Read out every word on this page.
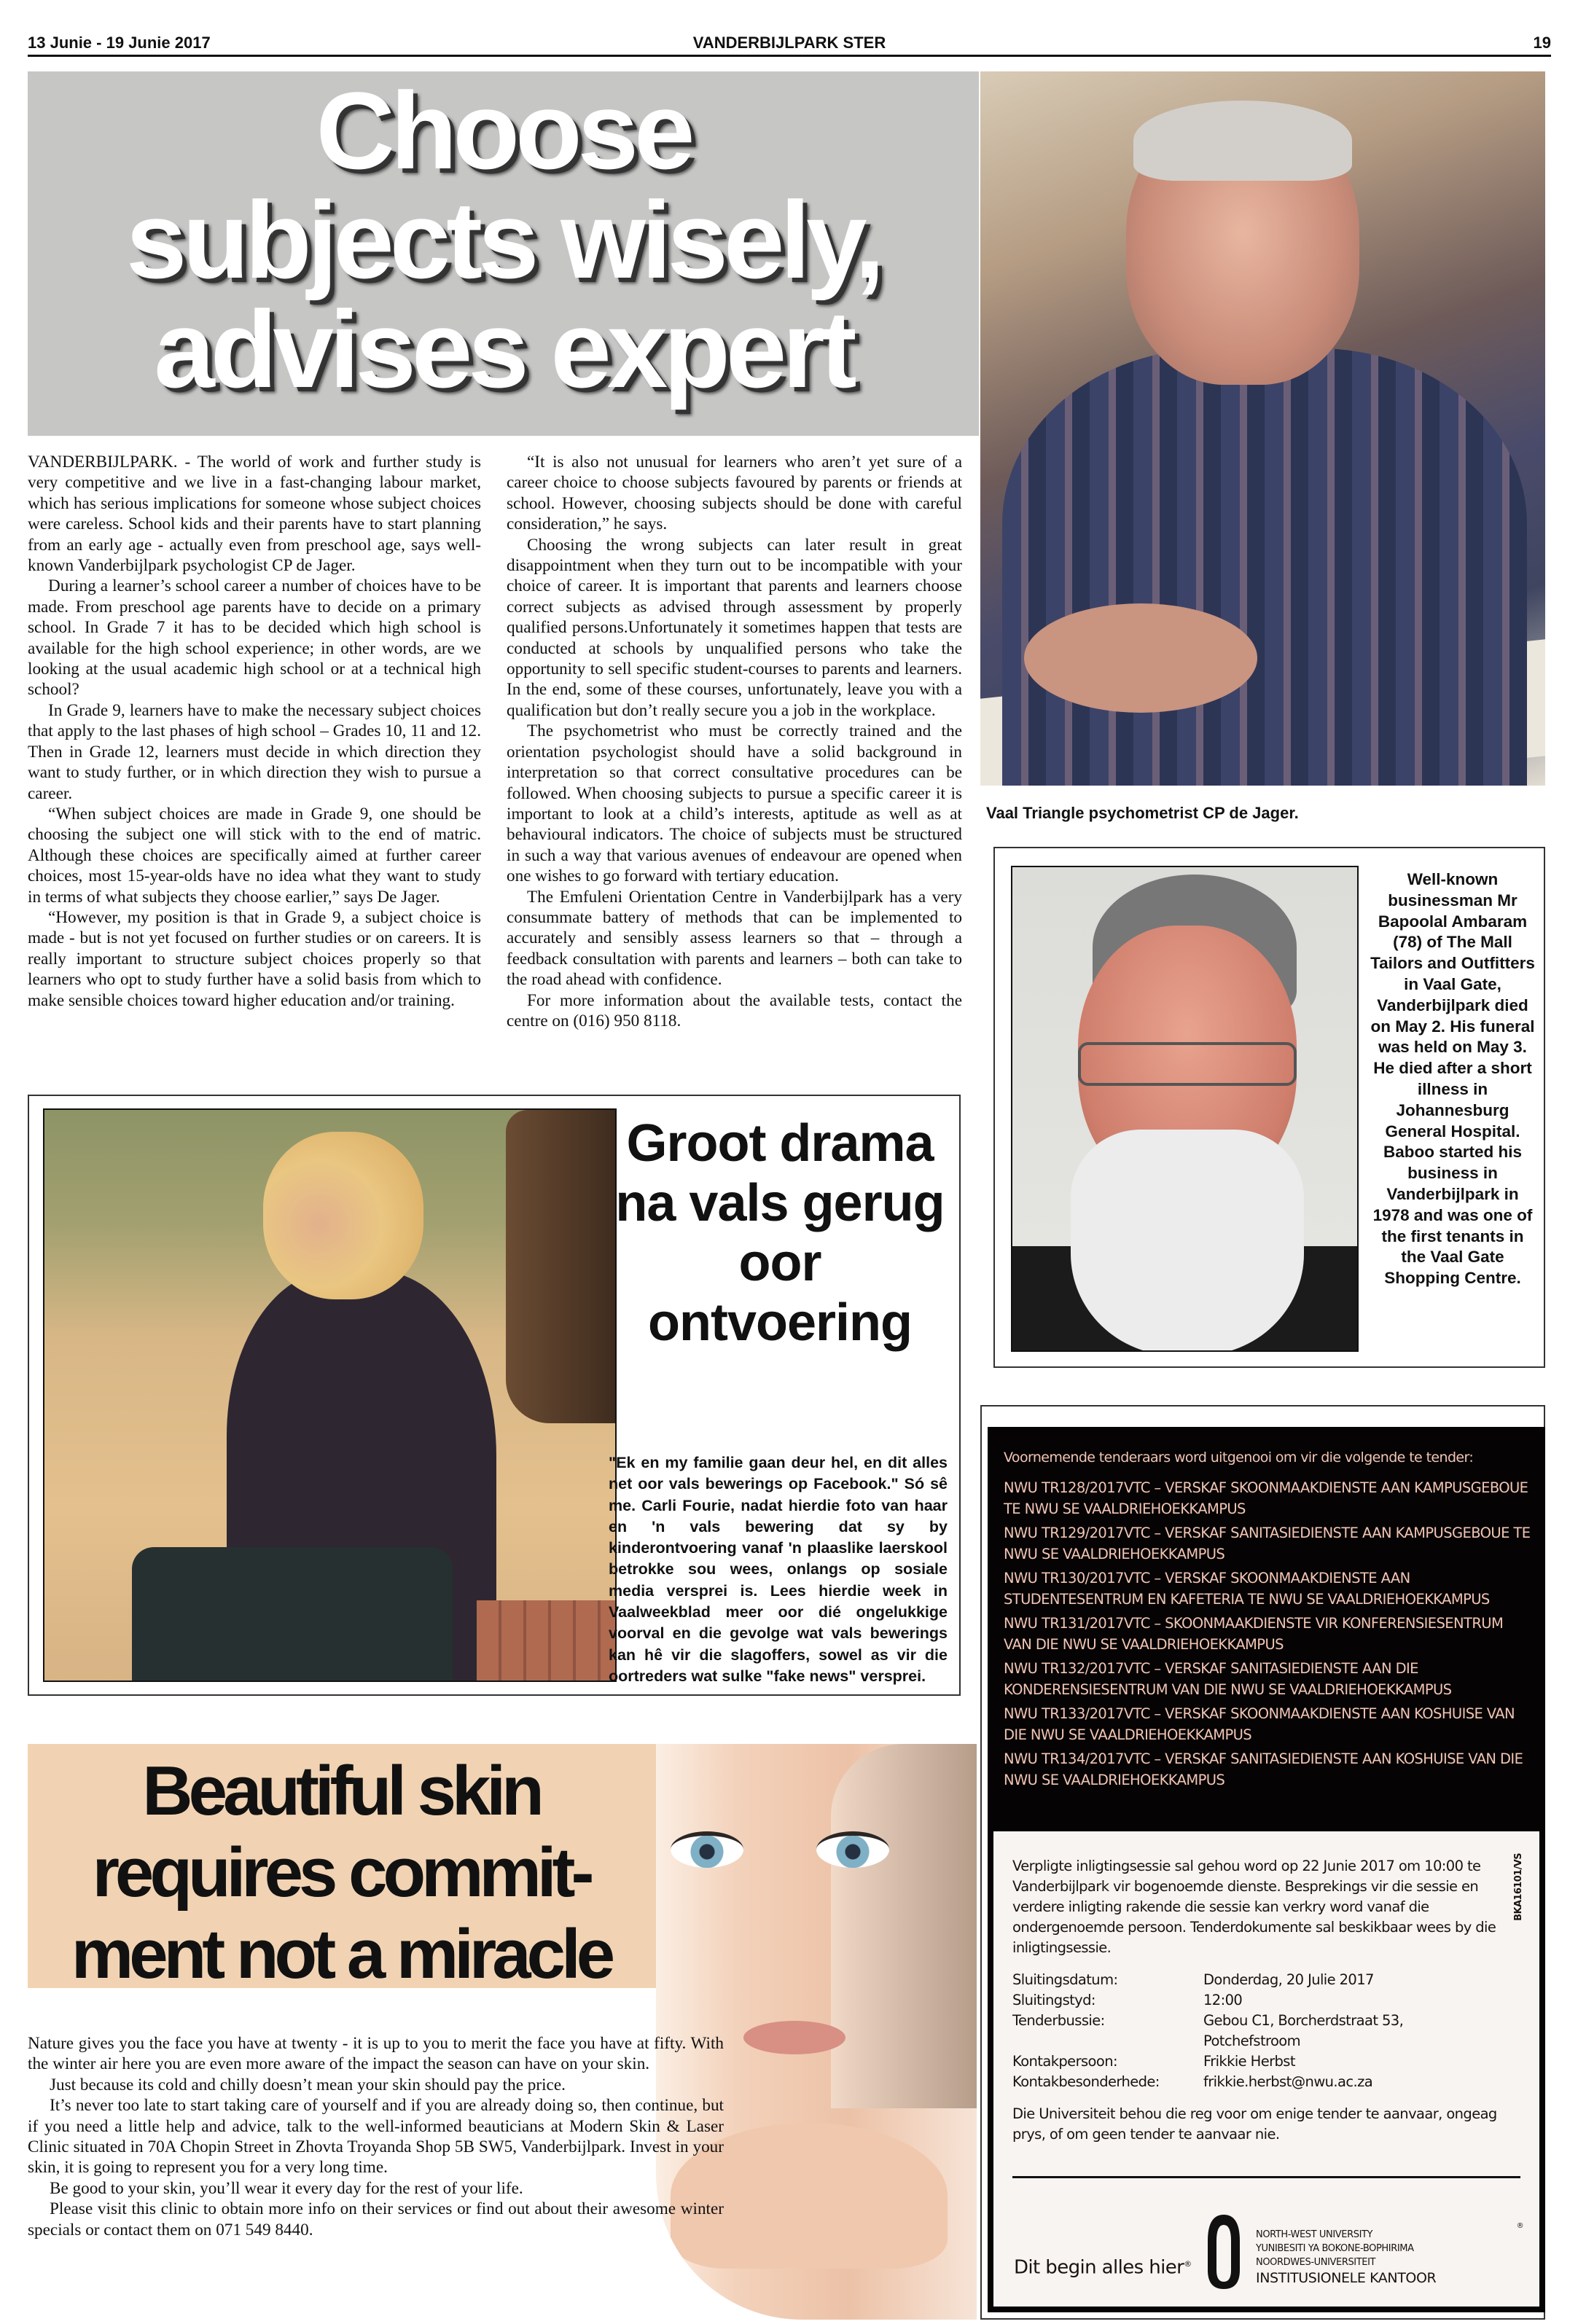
13 Junie - 19 Junie 2017	VANDERBIJLPARK STER	19
Choose
subjects wisely,
advises expert
Vaal Triangle psychometrist CP de Jager.

VANDERBIJLPARK. - The world of work and further study is very competitive and we live in a fast-changing labour market, which has serious implications for someone whose subject choices were careless. School kids and their parents have to start planning from an early age - actually even from preschool age, says well-known Vanderbijlpark psychologist CP de Jager.

During a learner’s school career a number of choices have to be made. From preschool age parents have to decide on a primary school. In Grade 7 it has to be decided which high school is available for the high school experience; in other words, are we looking at the usual academic high school or at a technical high school?

In Grade 9, learners have to make the necessary subject choices that apply to the last phases of high school – Grades 10, 11 and 12. Then in Grade 12, learners must decide in which direction they want to study further, or in which direction they wish to pursue a career.

“When subject choices are made in Grade 9, one should be choosing the subject one will stick with to the end of matric. Although these choices are specifically aimed at further career choices, most 15-year-olds have no idea what they want to study in terms of what subjects they choose earlier,” says De Jager.

“However, my position is that in Grade 9, a subject choice is made - but is not yet focused on further studies or on careers. It is really important to structure subject choices properly so that learners who opt to study further have a solid basis from which to make sensible choices toward higher education and/or training.

“It is also not unusual for learners who aren’t yet sure of a career choice to choose subjects favoured by parents or friends at school. However, choosing subjects should be done with careful consideration,” he says.

Choosing the wrong subjects can later result in great disappointment when they turn out to be incompatible with your choice of career. It is important that parents and learners choose correct subjects as advised through assessment by properly qualified persons.Unfortunately it sometimes happen that tests are conducted at schools by unqualified persons who take the opportunity to sell specific student-courses to parents and learners. In the end, some of these courses, unfortunately, leave you with a qualification but don’t really secure you a job in the workplace.

The psychometrist who must be correctly trained and the orientation psychologist should have a solid background in interpretation so that correct consultative procedures can be followed. When choosing subjects to pursue a specific career it is important to look at a child’s interests, aptitude as well as at behavioural indicators. The choice of subjects must be structured in such a way that various avenues of endeavour are opened when one wishes to go forward with tertiary education.

The Emfuleni Orientation Centre in Vanderbijlpark has a very consummate battery of methods that can be implemented to accurately and sensibly assess learners so that – through a feedback consultation with parents and learners – both can take to the road ahead with confidence.

For more information about the available tests, contact the centre on (016) 950 8118.

Well-known businessman Mr Bapoolal Ambaram (78) of The Mall Tailors and Outfitters in Vaal Gate, Vanderbijlpark died on May 2. His funeral was held on May 3. He died after a short illness in Johannesburg General Hospital. Baboo started his business in Vanderbijlpark in 1978 and was one of the first tenants in the Vaal Gate Shopping Centre.
Groot drama na vals gerug oor ontvoering
"Ek en my familie gaan deur hel, en dit alles net oor vals bewerings op Facebook." Só sê me. Carli Fourie, nadat hierdie foto van haar en 'n vals bewering dat sy by kinderontvoering vanaf 'n plaaslike laerskool betrokke sou wees, onlangs op sosiale media versprei is. Lees hierdie week in Vaalweekblad meer oor dié ongelukkige voorval en die gevolge wat vals bewerings kan hê vir die slagoffers, sowel as vir die oortreders wat sulke "fake news" versprei.
Beautiful skin
requires commit-
ment not a miracle

Nature gives you the face you have at twenty - it is up to you to merit the face you have at fifty. With the winter air here you are even more aware of the impact the season can have on your skin.

Just because its cold and chilly doesn’t mean your skin should pay the price.

It’s never too late to start taking care of yourself and if you are already doing so, then continue, but if you need a little help and advice, talk to the well-informed beauticians at Modern Skin & Laser Clinic situated in 70A Chopin Street in Zhovta Troyanda Shop 5B SW5, Vanderbijlpark. Invest in your skin, it is going to represent you for a very long time.

Be good to your skin, you’ll wear it every day for the rest of your life.

Please visit this clinic to obtain more info on their services or find out about their awesome winter specials or contact them on 071 549 8440.

Voornemende tenderaars word uitgenooi om vir die volgende te tender:
NWU TR128/2017VTC – VERSKAF SKOONMAAKDIENSTE AAN KAMPUSGEBOUE TE NWU SE VAALDRIEHOEKKAMPUS
NWU TR129/2017VTC – VERSKAF SANITASIEDIENSTE AAN KAMPUSGEBOUE TE NWU SE VAALDRIEHOEKKAMPUS
NWU TR130/2017VTC – VERSKAF SKOONMAAKDIENSTE AAN STUDENTESENTRUM EN KAFETERIA TE NWU SE VAALDRIEHOEKKAMPUS
NWU TR131/2017VTC – SKOONMAAKDIENSTE VIR KONFERENSIESENTRUM VAN DIE NWU SE VAALDRIEHOEKKAMPUS
NWU TR132/2017VTC – VERSKAF SANITASIEDIENSTE AAN DIE KONDERENSIESENTRUM VAN DIE NWU SE VAALDRIEHOEKKAMPUS
NWU TR133/2017VTC – VERSKAF SKOONMAAKDIENSTE AAN KOSHUISE VAN DIE NWU SE VAALDRIEHOEKKAMPUS
NWU TR134/2017VTC – VERSKAF SANITASIEDIENSTE AAN KOSHUISE VAN DIE NWU SE VAALDRIEHOEKKAMPUS
BKA16101/VS
Verpligte inligtingsessie sal gehou word op 22 Junie 2017 om 10:00 te Vanderbijlpark vir bogenoemde dienste. Besprekings vir die sessie en verdere inligting rakende die sessie kan verkry word vanaf die ondergenoemde persoon. Tenderdokumente sal beskikbaar wees by die inligtingsessie.
Sluitingsdatum:	Donderdag, 20 Julie 2017
Sluitingstyd:	12:00
Tenderbussie:	Gebou C1, Borcherdstraat 53, Potchefstroom
Kontakpersoon:	Frikkie Herbst
Kontakbesonderhede:	frikkie.herbst@nwu.ac.za
Die Universiteit behou die reg voor om enige tender te aanvaar, ongeag prys, of om geen tender te aanvaar nie.
Dit begin alles hier®
NORTH-WEST UNIVERSITY
YUNIBESITI YA BOKONE-BOPHIRIMA
NOORDWES-UNIVERSITEIT
INSTITUSIONELE KANTOOR
®
